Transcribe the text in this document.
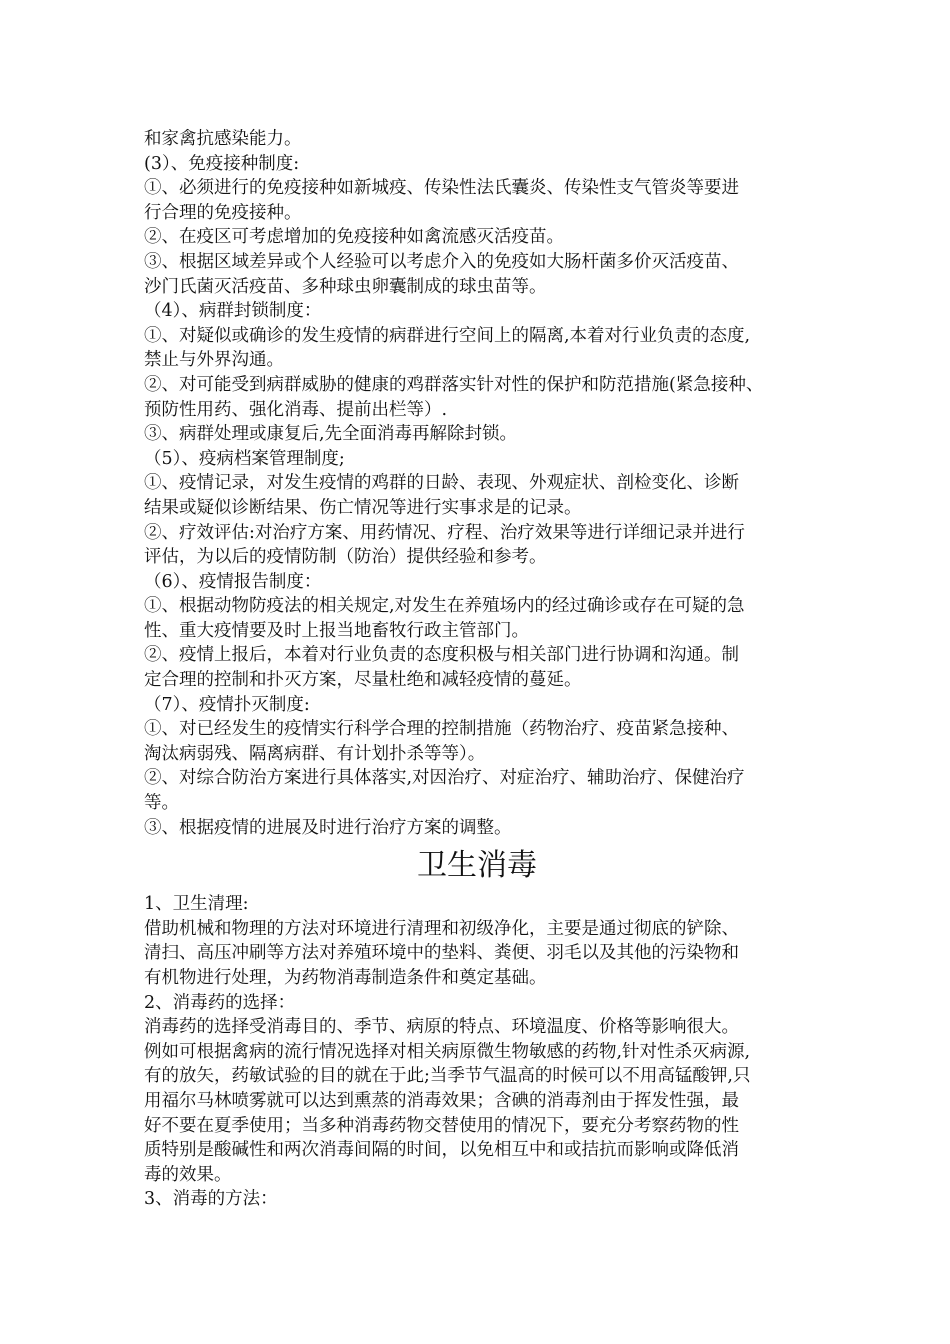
和家禽抗感染能力。

(3）、免疫接种制度:

①、必须进行的免疫接种如新城疫、传染性法氏囊炎、传染性支气管炎等要进

行合理的免疫接种。

②、在疫区可考虑增加的免疫接种如禽流感灭活疫苗。

③、根据区域差异或个人经验可以考虑介入的免疫如大肠杆菌多价灭活疫苗、

沙门氏菌灭活疫苗、多种球虫卵囊制成的球虫苗等。

（4）、病群封锁制度：

①、对疑似或确诊的发生疫情的病群进行空间上的隔离,本着对行业负责的态度,

禁止与外界沟通。

②、对可能受到病群威胁的健康的鸡群落实针对性的保护和防范措施(紧急接种、

预防性用药、强化消毒、提前出栏等）.

③、病群处理或康复后,先全面消毒再解除封锁。

（5）、疫病档案管理制度;

①、疫情记录，对发生疫情的鸡群的日龄、表现、外观症状、剖检变化、诊断

结果或疑似诊断结果、伤亡情况等进行实事求是的记录。

②、疗效评估:对治疗方案、用药情况、疗程、治疗效果等进行详细记录并进行

评估，为以后的疫情防制（防治）提供经验和参考。

（6）、疫情报告制度：

①、根据动物防疫法的相关规定,对发生在养殖场内的经过确诊或存在可疑的急

性、重大疫情要及时上报当地畜牧行政主管部门。

②、疫情上报后，本着对行业负责的态度积极与相关部门进行协调和沟通。制

定合理的控制和扑灭方案，尽量杜绝和减轻疫情的蔓延。

（7）、疫情扑灭制度:

①、对已经发生的疫情实行科学合理的控制措施（药物治疗、疫苗紧急接种、

淘汰病弱残、隔离病群、有计划扑杀等等）。

②、对综合防治方案进行具体落实,对因治疗、对症治疗、辅助治疗、保健治疗

等。

③、根据疫情的进展及时进行治疗方案的调整。

卫生消毒

1、卫生清理:

借助机械和物理的方法对环境进行清理和初级净化，主要是通过彻底的铲除、

清扫、高压冲刷等方法对养殖环境中的垫料、粪便、羽毛以及其他的污染物和

有机物进行处理，为药物消毒制造条件和奠定基础。

2、消毒药的选择：

消毒药的选择受消毒目的、季节、病原的特点、环境温度、价格等影响很大。

例如可根据禽病的流行情况选择对相关病原微生物敏感的药物,针对性杀灭病源,

有的放矢，药敏试验的目的就在于此;当季节气温高的时候可以不用高锰酸钾,只

用福尔马林喷雾就可以达到熏蒸的消毒效果；含碘的消毒剂由于挥发性强，最

好不要在夏季使用；当多种消毒药物交替使用的情况下，要充分考察药物的性

质特别是酸碱性和两次消毒间隔的时间，以免相互中和或拮抗而影响或降低消

毒的效果。

3、消毒的方法：
